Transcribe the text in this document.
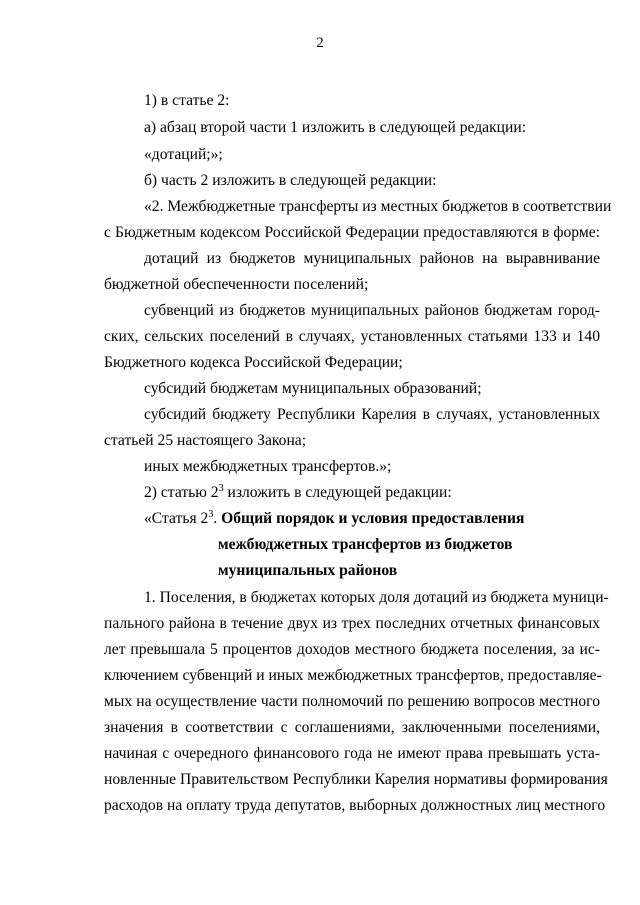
2
1) в статье 2:
а) абзац второй части 1 изложить в следующей редакции:
«дотаций;»;
б) часть 2 изложить в следующей редакции:
«2. Межбюджетные трансферты из местных бюджетов в соответствии
с Бюджетным кодексом Российской Федерации предоставляются в форме:
дотаций из бюджетов муниципальных районов на выравнивание
бюджетной обеспеченности поселений;
субвенций из бюджетов муниципальных районов бюджетам город-
ских, сельских поселений в случаях, установленных статьями 133 и 140
Бюджетного кодекса Российской Федерации;
субсидий бюджетам муниципальных образований;
субсидий бюджету Республики Карелия в случаях, установленных
статьей 25 настоящего Закона;
иных межбюджетных трансфертов.»;
2) статью $2^3$ изложить в следующей редакции:
«Статья $2^3$. Общий порядок и условия предоставления
межбюджетных трансфертов из бюджетов
муниципальных районов
1. Поселения, в бюджетах которых доля дотаций из бюджета муници-
пального района в течение двух из трех последних отчетных финансовых
лет превышала 5 процентов доходов местного бюджета поселения, за ис-
ключением субвенций и иных межбюджетных трансфертов, предоставляе-
мых на осуществление части полномочий по решению вопросов местного
значения в соответствии с соглашениями, заключенными поселениями,
начиная с очередного финансового года не имеют права превышать уста-
новленные Правительством Республики Карелия нормативы формирования
расходов на оплату труда депутатов, выборных должностных лиц местного
